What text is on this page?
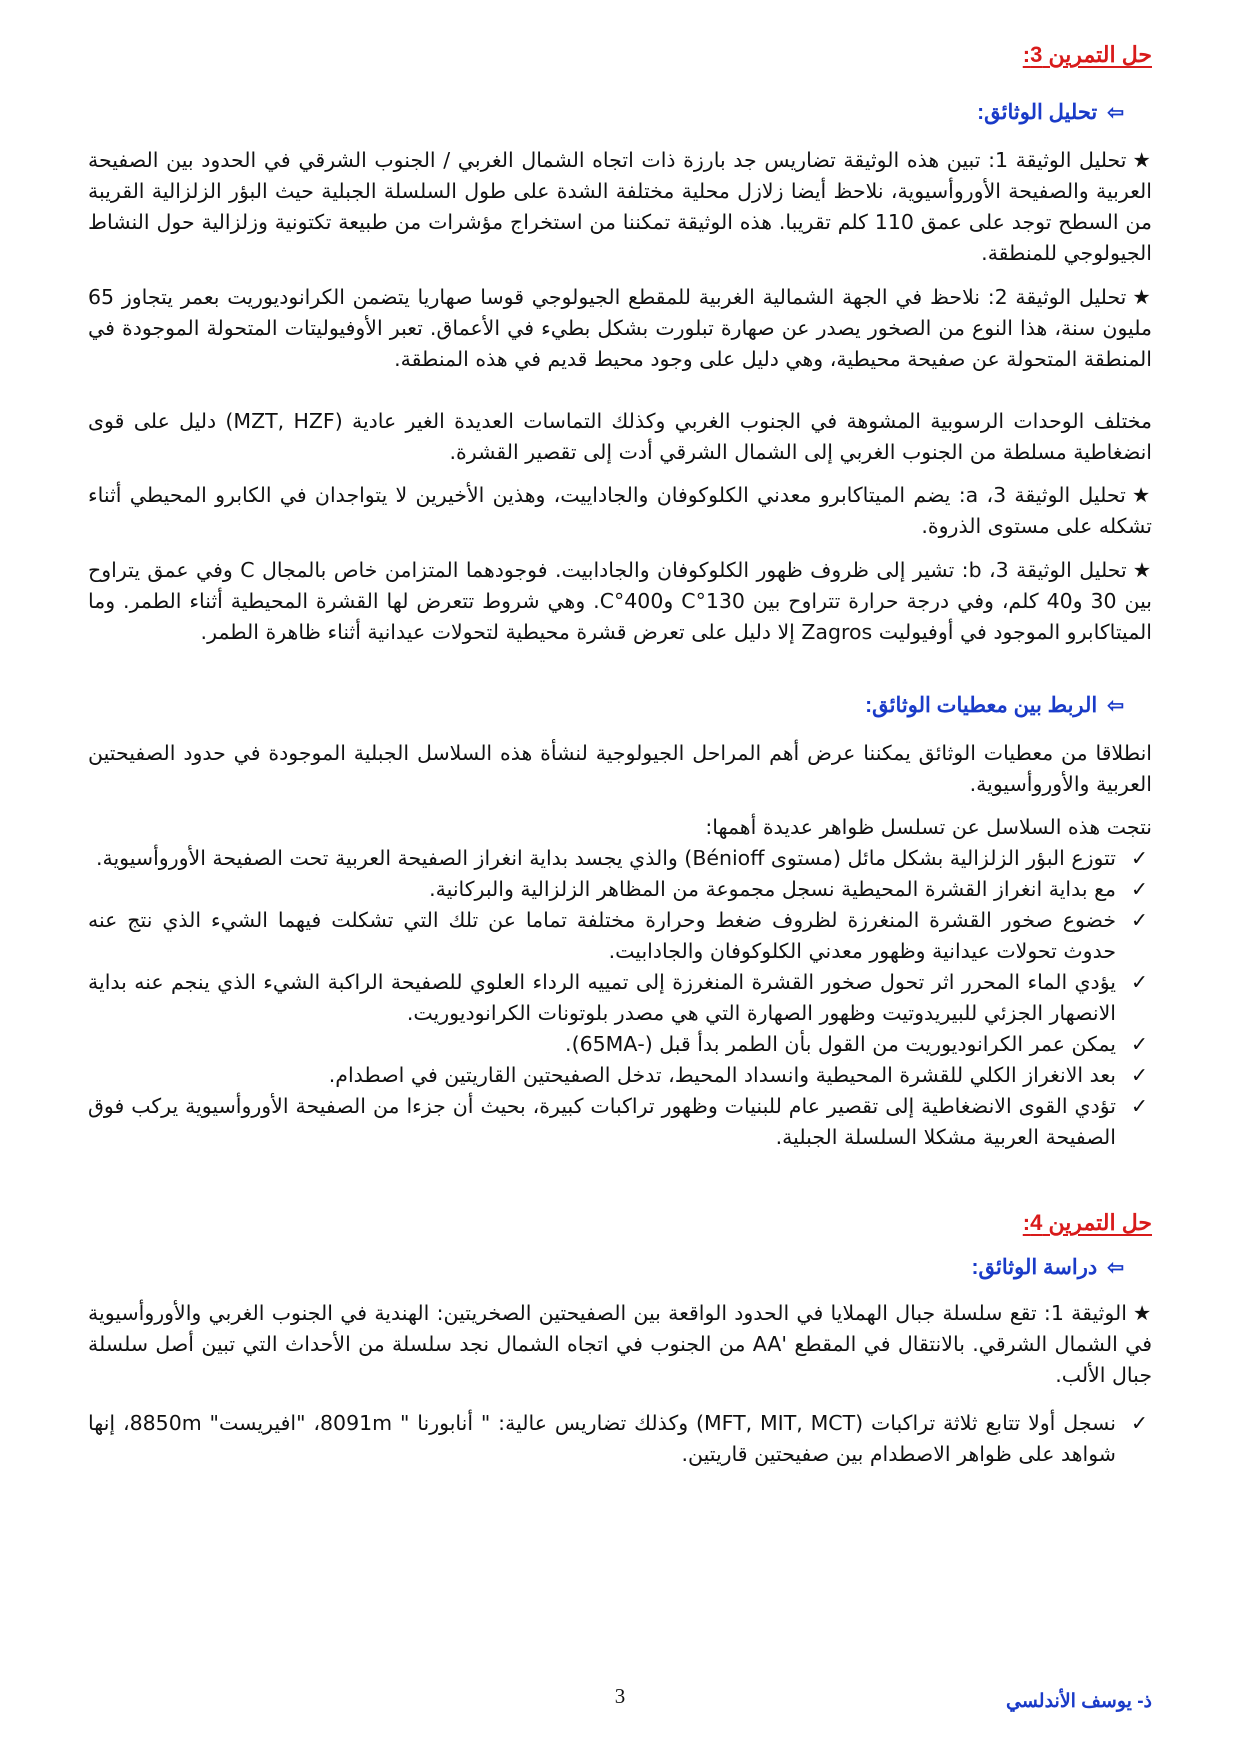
حل التمرين 3:
⇦تحليل الوثائق:
★تحليل الوثيقة 1: تبين هذه الوثيقة تضاريس جد بارزة ذات اتجاه الشمال الغربي / الجنوب الشرقي في الحدود بين الصفيحة العربية والصفيحة الأوروأسيوية، نلاحظ أيضا زلازل محلية مختلفة الشدة على طول السلسلة الجبلية حيث البؤر الزلزالية القريبة من السطح توجد على عمق 110 كلم تقريبا. هذه الوثيقة تمكننا من استخراج مؤشرات من طبيعة تكتونية وزلزالية حول النشاط الجيولوجي للمنطقة.
★تحليل الوثيقة 2: نلاحظ في الجهة الشمالية الغربية للمقطع الجيولوجي قوسا صهاريا يتضمن الكرانوديوريت بعمر يتجاوز 65 مليون سنة، هذا النوع من الصخور يصدر عن صهارة تبلورت بشكل بطيء في الأعماق. تعبر الأوفيوليتات المتحولة الموجودة في المنطقة المتحولة عن صفيحة محيطية، وهي دليل على وجود محيط قديم في هذه المنطقة.
مختلف الوحدات الرسوبية المشوهة في الجنوب الغربي وكذلك التماسات العديدة الغير عادية (MZT, HZF) دليل على قوى انضغاطية مسلطة من الجنوب الغربي إلى الشمال الشرقي أدت إلى تقصير القشرة.
★تحليل الوثيقة 3، a: يضم الميتاكابرو معدني الكلوكوفان والجاداييت، وهذين الأخيرين لا يتواجدان في الكابرو المحيطي أثناء تشكله على مستوى الذروة.
★تحليل الوثيقة 3، b: تشير إلى ظروف ظهور الكلوكوفان والجادابيت. فوجودهما المتزامن خاص بالمجال C وفي عمق يتراوح بين 30 و40 كلم، وفي درجة حرارة تتراوح بين 130°C و400°C. وهي شروط تتعرض لها القشرة المحيطية أثناء الطمر. وما الميتاكابرو الموجود في أوفيوليت Zagros إلا دليل على تعرض قشرة محيطية لتحولات عيدانية أثناء ظاهرة الطمر.
⇦الربط بين معطيات الوثائق:
انطلاقا من معطيات الوثائق يمكننا عرض أهم المراحل الجيولوجية لنشأة هذه السلاسل الجبلية الموجودة في حدود الصفيحتين العربية والأوروأسيوية.
نتجت هذه السلاسل عن تسلسل ظواهر عديدة أهمها:
✓
تتوزع البؤر الزلزالية بشكل مائل (مستوى Bénioff) والذي يجسد بداية انغراز الصفيحة العربية تحت الصفيحة الأوروأسيوية.
✓
مع بداية انغراز القشرة المحيطية نسجل مجموعة من المظاهر الزلزالية والبركانية.
✓
خضوع صخور القشرة المنغرزة لظروف ضغط وحرارة مختلفة تماما عن تلك التي تشكلت فيهما الشيء الذي نتج عنه حدوث تحولات عيدانية وظهور معدني الكلوكوفان والجادابيت.
✓
يؤدي الماء المحرر اثر تحول صخور القشرة المنغرزة إلى تمييه الرداء العلوي للصفيحة الراكبة الشيء الذي ينجم عنه بداية الانصهار الجزئي للبيريدوتيت وظهور الصهارة التي هي مصدر بلوتونات الكرانوديوريت.
✓
يمكن عمر الكرانوديوريت من القول بأن الطمر بدأ قبل (-65MA).
✓
بعد الانغراز الكلي للقشرة المحيطية وانسداد المحيط، تدخل الصفيحتين القاريتين في اصطدام.
✓
تؤدي القوى الانضغاطية إلى تقصير عام للبنيات وظهور تراكبات كبيرة، بحيث أن جزءا من الصفيحة الأوروأسيوية يركب فوق الصفيحة العربية مشكلا السلسلة الجبلية.
حل التمرين 4:
⇦دراسة الوثائق:
★الوثيقة 1: تقع سلسلة جبال الهملايا في الحدود الواقعة بين الصفيحتين الصخريتين: الهندية في الجنوب الغربي والأوروأسيوية في الشمال الشرقي. بالانتقال في المقطع 'AA من الجنوب في اتجاه الشمال نجد سلسلة من الأحداث التي تبين أصل سلسلة جبال الألب.
✓
نسجل أولا تتابع ثلاثة تراكبات (MFT, MIT, MCT) وكذلك تضاريس عالية: " أنابورنا " 8091m، "افيريست" 8850m، إنها شواهد على ظواهر الاصطدام بين صفيحتين قاريتين.
3	ذ- يوسف الأندلسي
